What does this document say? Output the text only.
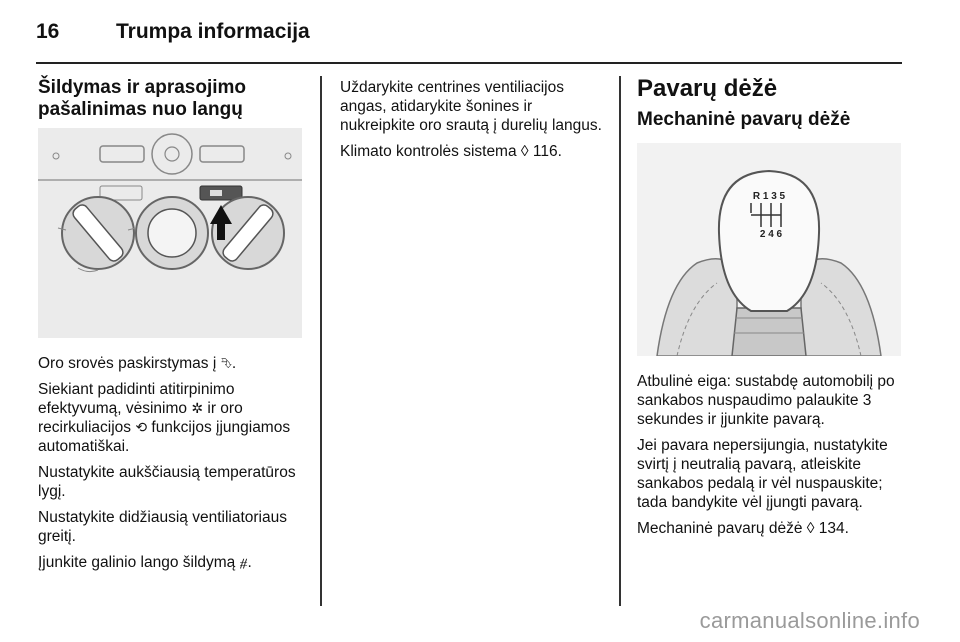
16	Trumpa informacija
Šildymas ir aprasojimo pašalinimas nuo langų

Oro srovės paskirstymas į ⮷.

Siekiant padidinti atitirpinimo efektyvumą, vėsinimo ✲ ir oro recirkuliacijos ⟲ funkcijos įjungiamos automatiškai.

Nustatykite aukščiausią temperatūros lygį.

Nustatykite didžiausią ventiliatoriaus greitį.

Įjunkite galinio lango šildymą ⧣.

Uždarykite centrines ventiliacijos angas, atidarykite šonines ir nukreipkite oro srautą į durelių langus.

Klimato kontrolės sistema ◊ 116.

Pavarų dėžė
Mechaninė pavarų dėžė
R 1 3 5
2 4 6

Atbulinė eiga: sustabdę automobilį po sankabos nuspaudimo palaukite 3 sekundes ir įjunkite pavarą.

Jei pavara nepersijungia, nustatykite svirtį į neutralią pavarą, atleiskite sankabos pedalą ir vėl nuspauskite; tada bandykite vėl įjungti pavarą.

Mechaninė pavarų dėžė ◊ 134.

carmanualsonline.info
